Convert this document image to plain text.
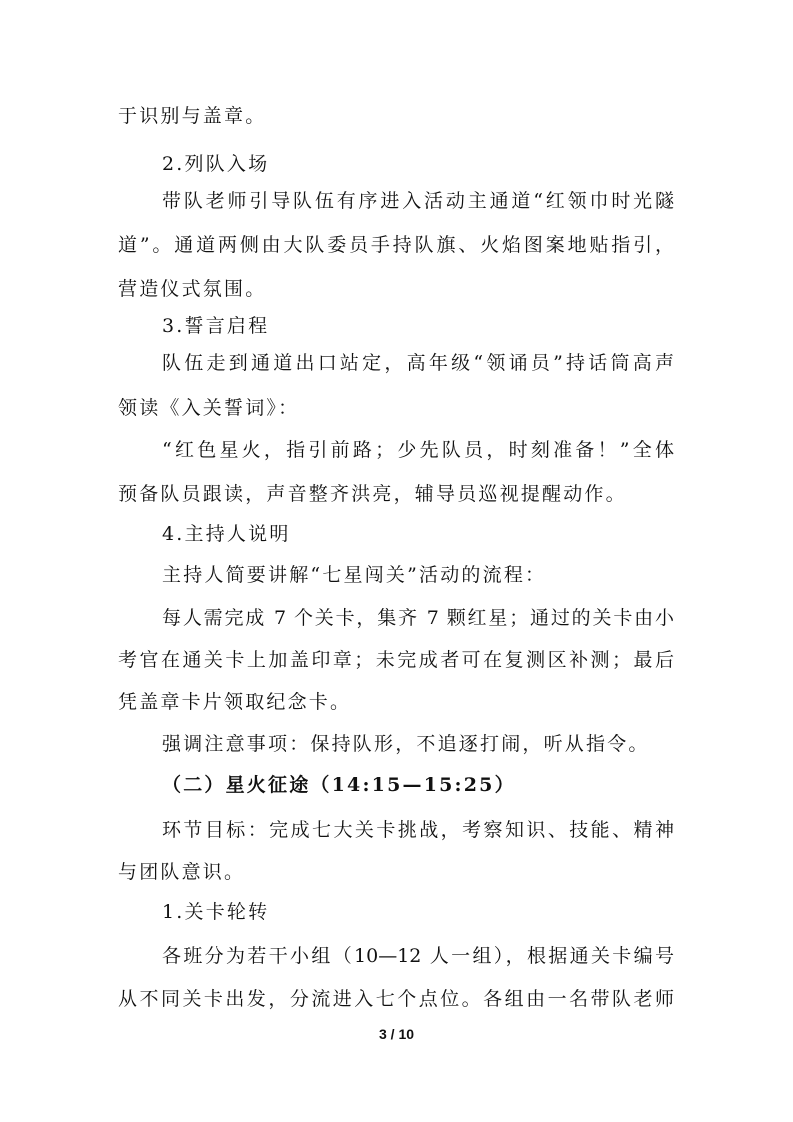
于识别与盖章。
2.列队入场
带队老师引导队伍有序进入活动主通道“红领巾时光隧
道”。通道两侧由大队委员手持队旗、火焰图案地贴指引，
营造仪式氛围。
3.誓言启程
队伍走到通道出口站定，高年级“领诵员”持话筒高声
领读《入关誓词》：
“红色星火，指引前路；少先队员，时刻准备！”全体
预备队员跟读，声音整齐洪亮，辅导员巡视提醒动作。
4.主持人说明
主持人简要讲解“七星闯关”活动的流程：
每人需完成 7 个关卡，集齐 7 颗红星；通过的关卡由小
考官在通关卡上加盖印章；未完成者可在复测区补测；最后
凭盖章卡片领取纪念卡。
强调注意事项：保持队形，不追逐打闹，听从指令。
（二）星火征途（14:15—15:25）
环节目标：完成七大关卡挑战，考察知识、技能、精神
与团队意识。
1.关卡轮转
各班分为若干小组（10—12 人一组），根据通关卡编号
从不同关卡出发，分流进入七个点位。各组由一名带队老师
3 / 10
